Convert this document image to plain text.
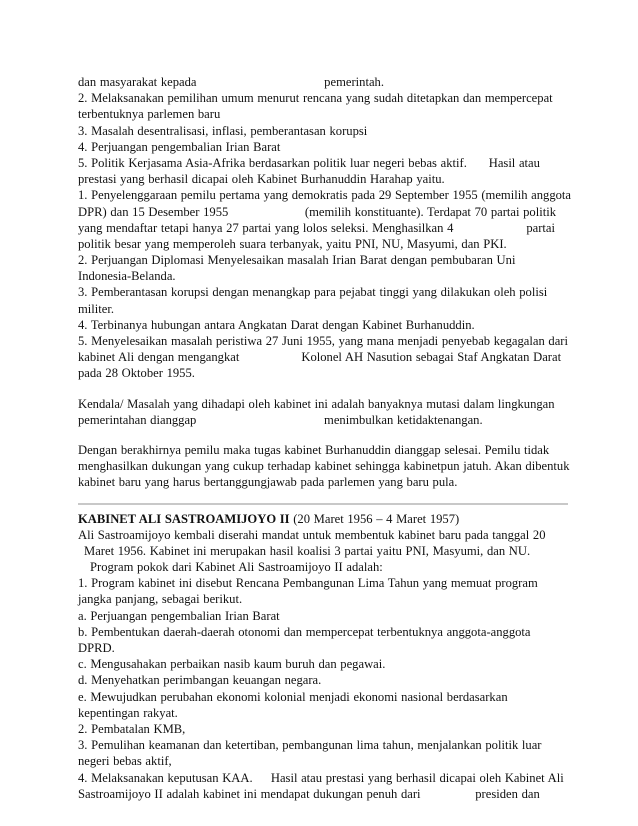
dan masyarakat kepada                                   pemerintah.
2. Melaksanakan pemilihan umum menurut rencana yang sudah ditetapkan dan mempercepat
terbentuknya parlemen baru
3. Masalah desentralisasi, inflasi, pemberantasan korupsi
4. Perjuangan pengembalian Irian Barat
5. Politik Kerjasama Asia-Afrika berdasarkan politik luar negeri bebas aktif.      Hasil atau
prestasi yang berhasil dicapai oleh Kabinet Burhanuddin Harahap yaitu.
1. Penyelenggaraan pemilu pertama yang demokratis pada 29 September 1955 (memilih anggota
DPR) dan 15 Desember 1955                     (memilih konstituante). Terdapat 70 partai politik
yang mendaftar tetapi hanya 27 partai yang lolos seleksi. Menghasilkan 4                    partai
politik besar yang memperoleh suara terbanyak, yaitu PNI, NU, Masyumi, dan PKI.
2. Perjuangan Diplomasi Menyelesaikan masalah Irian Barat dengan pembubaran Uni
Indonesia-Belanda.
3. Pemberantasan korupsi dengan menangkap para pejabat tinggi yang dilakukan oleh polisi
militer.
4. Terbinanya hubungan antara Angkatan Darat dengan Kabinet Burhanuddin.
5. Menyelesaikan masalah peristiwa 27 Juni 1955, yang mana menjadi penyebab kegagalan dari
kabinet Ali dengan mengangkat                 Kolonel AH Nasution sebagai Staf Angkatan Darat
pada 28 Oktober 1955.
Kendala/ Masalah yang dihadapi oleh kabinet ini adalah banyaknya mutasi dalam lingkungan
pemerintahan dianggap                                   menimbulkan ketidaktenangan.
Dengan berakhirnya pemilu maka tugas kabinet Burhanuddin dianggap selesai. Pemilu tidak
menghasilkan dukungan yang cukup terhadap kabinet sehingga kabinetpun jatuh. Akan dibentuk
kabinet baru yang harus bertanggungjawab pada parlemen yang baru pula.
KABINET ALI SASTROAMIJOYO II (20 Maret 1956 – 4 Maret 1957)
Ali Sastroamijoyo kembali diserahi mandat untuk membentuk kabinet baru pada tanggal 20
Maret 1956. Kabinet ini merupakan hasil koalisi 3 partai yaitu PNI, Masyumi, dan NU.
Program pokok dari Kabinet Ali Sastroamijoyo II adalah:
1. Program kabinet ini disebut Rencana Pembangunan Lima Tahun yang memuat program
jangka panjang, sebagai berikut.
a. Perjuangan pengembalian Irian Barat
b. Pembentukan daerah-daerah otonomi dan mempercepat terbentuknya anggota-anggota
DPRD.
c. Mengusahakan perbaikan nasib kaum buruh dan pegawai.
d. Menyehatkan perimbangan keuangan negara.
e. Mewujudkan perubahan ekonomi kolonial menjadi ekonomi nasional berdasarkan
kepentingan rakyat.
2. Pembatalan KMB,
3. Pemulihan keamanan dan ketertiban, pembangunan lima tahun, menjalankan politik luar
negeri bebas aktif,
4. Melaksanakan keputusan KAA.     Hasil atau prestasi yang berhasil dicapai oleh Kabinet Ali
Sastroamijoyo II adalah kabinet ini mendapat dukungan penuh dari               presiden dan
